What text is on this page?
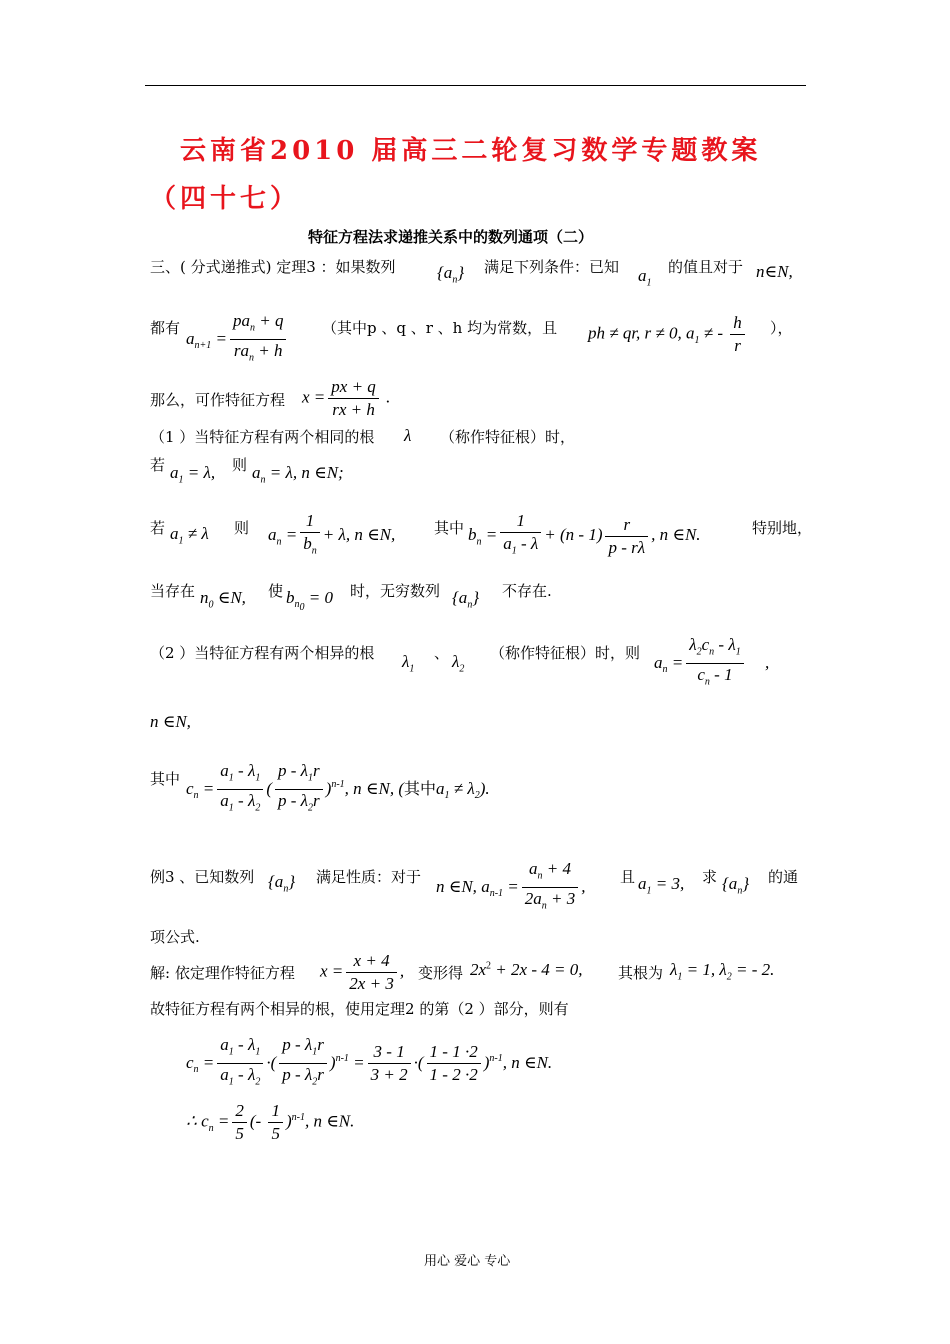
云南省2010 届高三二轮复习数学专题教案
（四十七）
特征方程法求递推关系中的数列通项（二）
三、( 分式递推式) 定理3 ：如果数列 $\{a_n\}$ 满足下列条件：已知 $a_1$
的值且对于 n∈N,
都有
$a_{n+1} = \frac{pa_n + q}{ra_n + h}$ （其中p 、q 、r 、h 均为常数，且 ph ≠ qr, r ≠ 0, $a_1$ ≠ - $\frac{h}{r}$ ），
那么，可作特征方程 $x = \frac{px + q}{rx + h}$ .
（1 ）当特征方程有两个相同的根 λ （称作特征根）时，
若 $a_1 = \lambda$, 则 $a_n = \lambda$, n ∈N;
若 $a_1 \ne \lambda$ 则 $a_n = \frac{1}{b_n} + \lambda$, n ∈N,	其中 $b_n = \frac{1}{a_1 - \lambda} + (n - 1) \frac{r}{p - r\lambda}$ , n ∈N.	特别地，
当存在 $n_0$ ∈N, 使 $b_{n_0} = 0$ 时，无穷数列 $\{a_n\}$ 不存在.
（2 ）当特征方程有两个相异的根 $\lambda_1$
、 $\lambda_2$
（称作特征根）时，则 $a_n = \frac{\lambda_2c_n - \lambda_1}{c_n - 1}$ ,
n ∈N,
其中 $c_n = \frac{a_1 - \lambda_1}{a_1 - \lambda_2}$ ( $\frac{p - \lambda_1r}{p - \lambda_2r} )^{n-1}$, n ∈N, (其中$a_1 \ne \lambda_2$).
例3 、已知数列 $\{a_n\}$ 满足性质：对于 n ∈N, $a_{n-1} = \frac{a_n + 4}{2a_n + 3}$ , 且 $a_1 = 3$, 求 $\{a_n\}$ 的通
项公式.
解: 依定理作特征方程 $x = \frac{x + 4}{2x + 3}$ , 变形得 $2x^2 + 2x - 4 = 0$, 其根为 $\lambda_1 = 1$, $\lambda_2$ = - 2.
故特征方程有两个相异的根，使用定理2 的第（2 ）部分，则有
$c_n = \frac{a_1 - \lambda_1}{a_1 - \lambda_2}$ ·( $\frac{p - \lambda_1r}{p - \lambda_2r} )^{n-1} = \frac{3 - 1}{3 + 2}$ ·( $\frac{1 - 1 \cdot 2}{1 - 2 \cdot 2} )^{n-1}$, n ∈N.
∴ $c_n = \frac{2}{5}$ (- $\frac{1}{5} )^{n-1}$, n ∈N.
用心 爱心 专心
